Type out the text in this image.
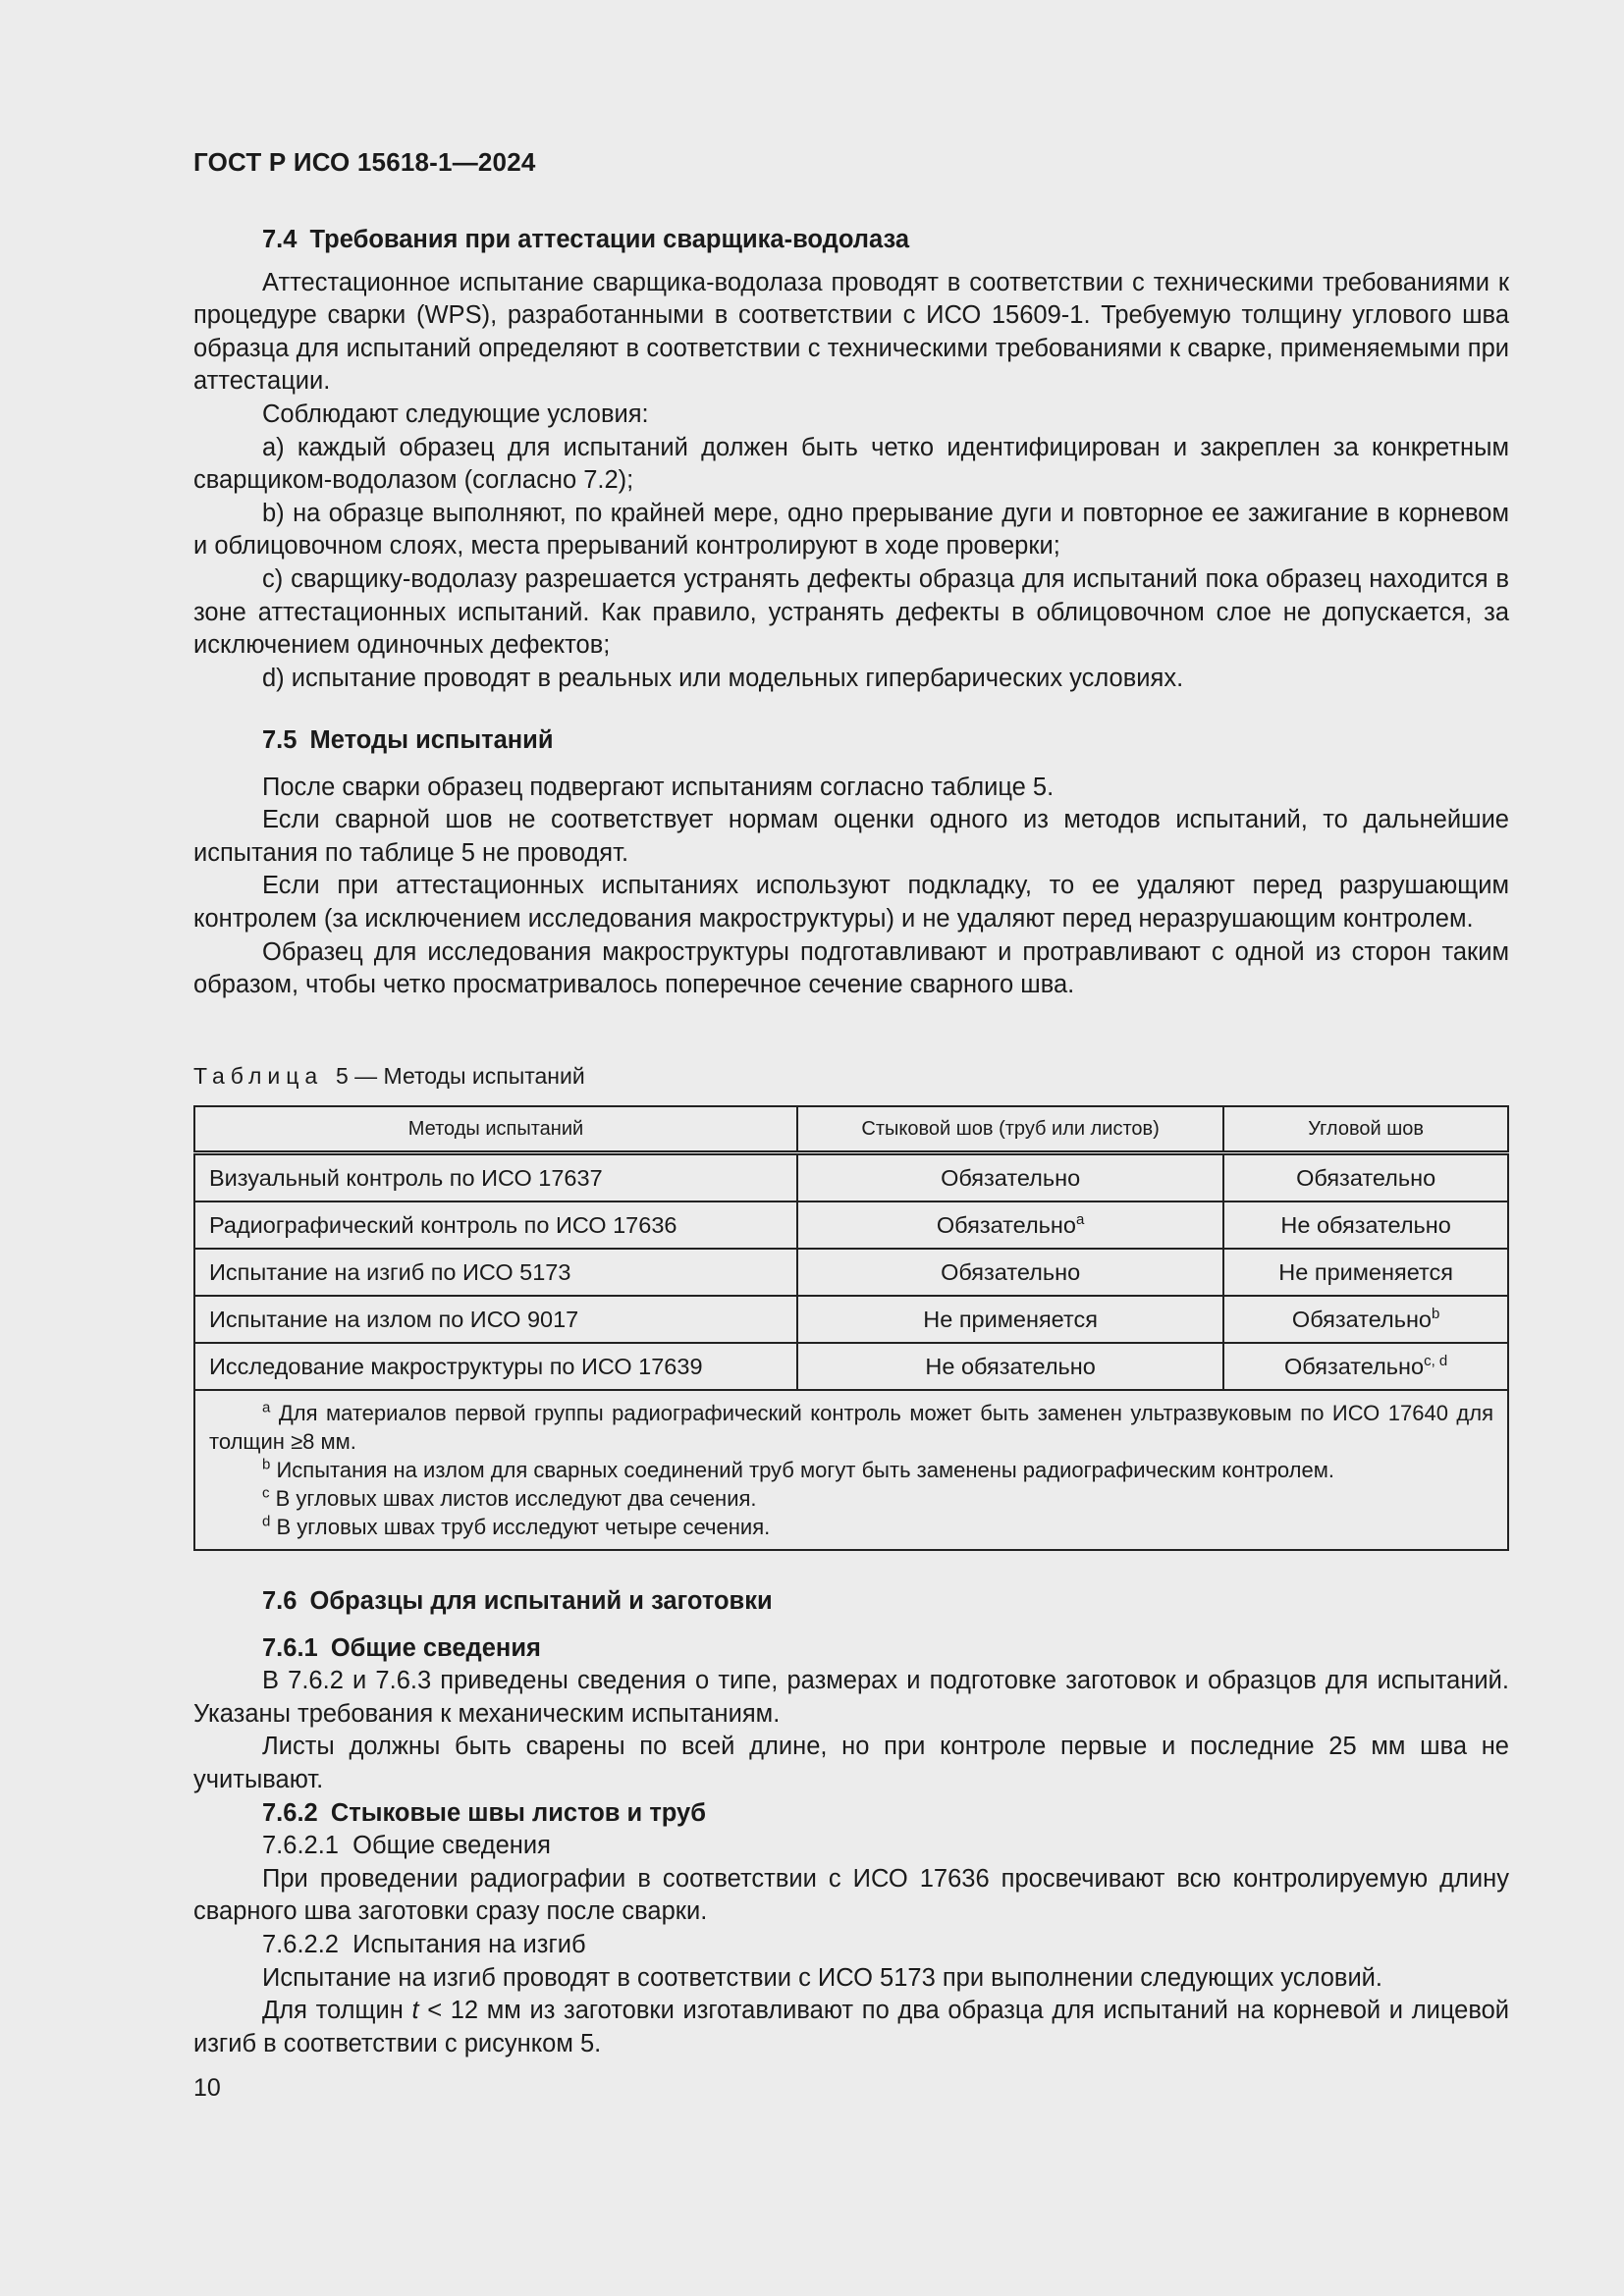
ГОСТ Р ИСО 15618-1—2024

7.4 Требования при аттестации сварщика-водолаза

Аттестационное испытание сварщика-водолаза проводят в соответствии с техническими требованиями к процедуре сварки (WPS), разработанными в соответствии с ИСО 15609-1. Требуемую толщину углового шва образца для испытаний определяют в соответствии с техническими требованиями к сварке, применяемыми при аттестации.

Соблюдают следующие условия:

а) каждый образец для испытаний должен быть четко идентифицирован и закреплен за конкретным сварщиком-водолазом (согласно 7.2);

b) на образце выполняют, по крайней мере, одно прерывание дуги и повторное ее зажигание в корневом и облицовочном слоях, места прерываний контролируют в ходе проверки;

c) сварщику-водолазу разрешается устранять дефекты образца для испытаний пока образец находится в зоне аттестационных испытаний. Как правило, устранять дефекты в облицовочном слое не допускается, за исключением одиночных дефектов;

d) испытание проводят в реальных или модельных гипербарических условиях.

7.5 Методы испытаний

После сварки образец подвергают испытаниям согласно таблице 5.

Если сварной шов не соответствует нормам оценки одного из методов испытаний, то дальнейшие испытания по таблице 5 не проводят.

Если при аттестационных испытаниях используют подкладку, то ее удаляют перед разрушающим контролем (за исключением исследования макроструктуры) и не удаляют перед неразрушающим контролем.

Образец для исследования макроструктуры подготавливают и протравливают с одной из сторон таким образом, чтобы четко просматривалось поперечное сечение сварного шва.

Таблица 5 — Методы испытаний
Методы испытаний	Стыковой шов (труб или листов)	Угловой шов
Визуальный контроль по ИСО 17637	Обязательно	Обязательно
Радиографический контроль по ИСО 17636	Обязательно$^a$	Не обязательно
Испытание на изгиб по ИСО 5173	Обязательно	Не применяется
Испытание на излом по ИСО 9017	Не применяется	Обязательно$^b$
Исследование макроструктуры по ИСО 17639	Не обязательно	Обязательно$^{c, d}$

$^a$ Для материалов первой группы радиографический контроль может быть заменен ультразвуковым по ИСО 17640 для толщин ≥8 мм.

$^b$ Испытания на излом для сварных соединений труб могут быть заменены радиографическим контролем.

$^c$ В угловых швах листов исследуют два сечения.

$^d$ В угловых швах труб исследуют четыре сечения.		

7.6 Образцы для испытаний и заготовки

7.6.1 Общие сведения

В 7.6.2 и 7.6.3 приведены сведения о типе, размерах и подготовке заготовок и образцов для испытаний. Указаны требования к механическим испытаниям.

Листы должны быть сварены по всей длине, но при контроле первые и последние 25 мм шва не учитывают.

7.6.2 Стыковые швы листов и труб

7.6.2.1  Общие сведения

При проведении радиографии в соответствии с ИСО 17636 просвечивают всю контролируемую длину сварного шва заготовки сразу после сварки.

7.6.2.2  Испытания на изгиб

Испытание на изгиб проводят в соответствии с ИСО 5173 при выполнении следующих условий.

Для толщин t < 12 мм из заготовки изготавливают по два образца для испытаний на корневой и лицевой изгиб в соответствии с рисунком 5.

10
